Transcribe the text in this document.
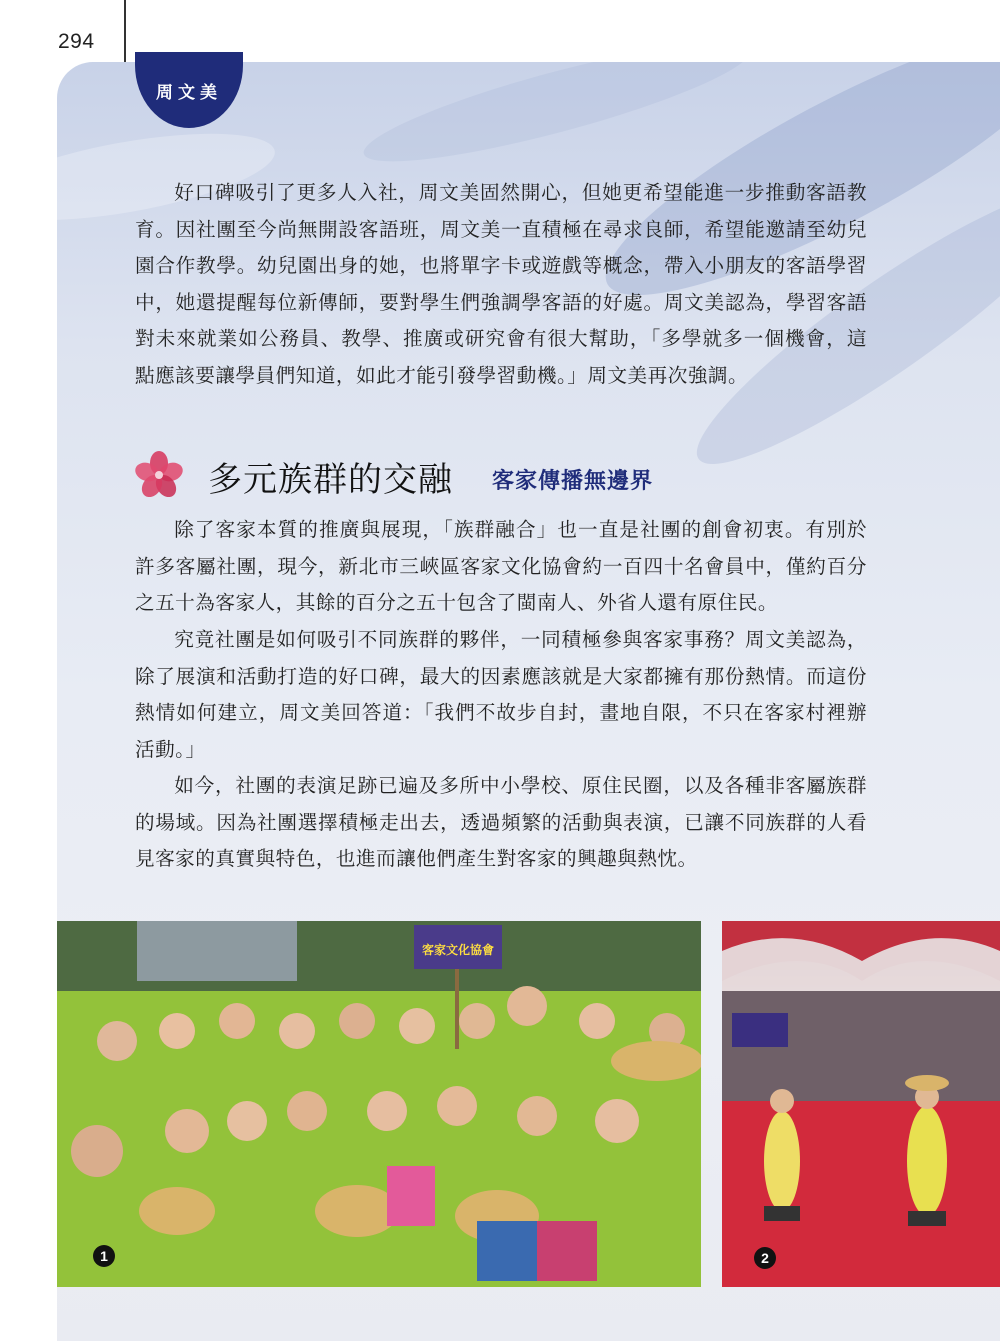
294
周文美

好口碑吸引了更多人入社，周文美固然開心，但她更希望能進一步推動客語教育。因社團至今尚無開設客語班，周文美一直積極在尋求良師，希望能邀請至幼兒園合作教學。幼兒園出身的她，也將單字卡或遊戲等概念，帶入小朋友的客語學習中，她還提醒每位新傳師，要對學生們強調學客語的好處。周文美認為，學習客語對未來就業如公務員、教學、推廣或研究會有很大幫助，「多學就多一個機會，這點應該要讓學員們知道，如此才能引發學習動機。」周文美再次強調。

多元族群的交融 客家傳播無邊界

除了客家本質的推廣與展現，「族群融合」也一直是社團的創會初衷。有別於許多客屬社團，現今，新北市三峽區客家文化協會約一百四十名會員中，僅約百分之五十為客家人，其餘的百分之五十包含了閩南人、外省人還有原住民。

究竟社團是如何吸引不同族群的夥伴，一同積極參與客家事務？周文美認為，除了展演和活動打造的好口碑，最大的因素應該就是大家都擁有那份熱情。而這份熱情如何建立，周文美回答道：「我們不故步自封，畫地自限，不只在客家村裡辦活動。」

如今，社團的表演足跡已遍及多所中小學校、原住民圈，以及各種非客屬族群的場域。因為社團選擇積極走出去，透過頻繁的活動與表演，已讓不同族群的人看見客家的真實與特色，也進而讓他們產生對客家的興趣與熱忱。

客家文化協會
1	2
